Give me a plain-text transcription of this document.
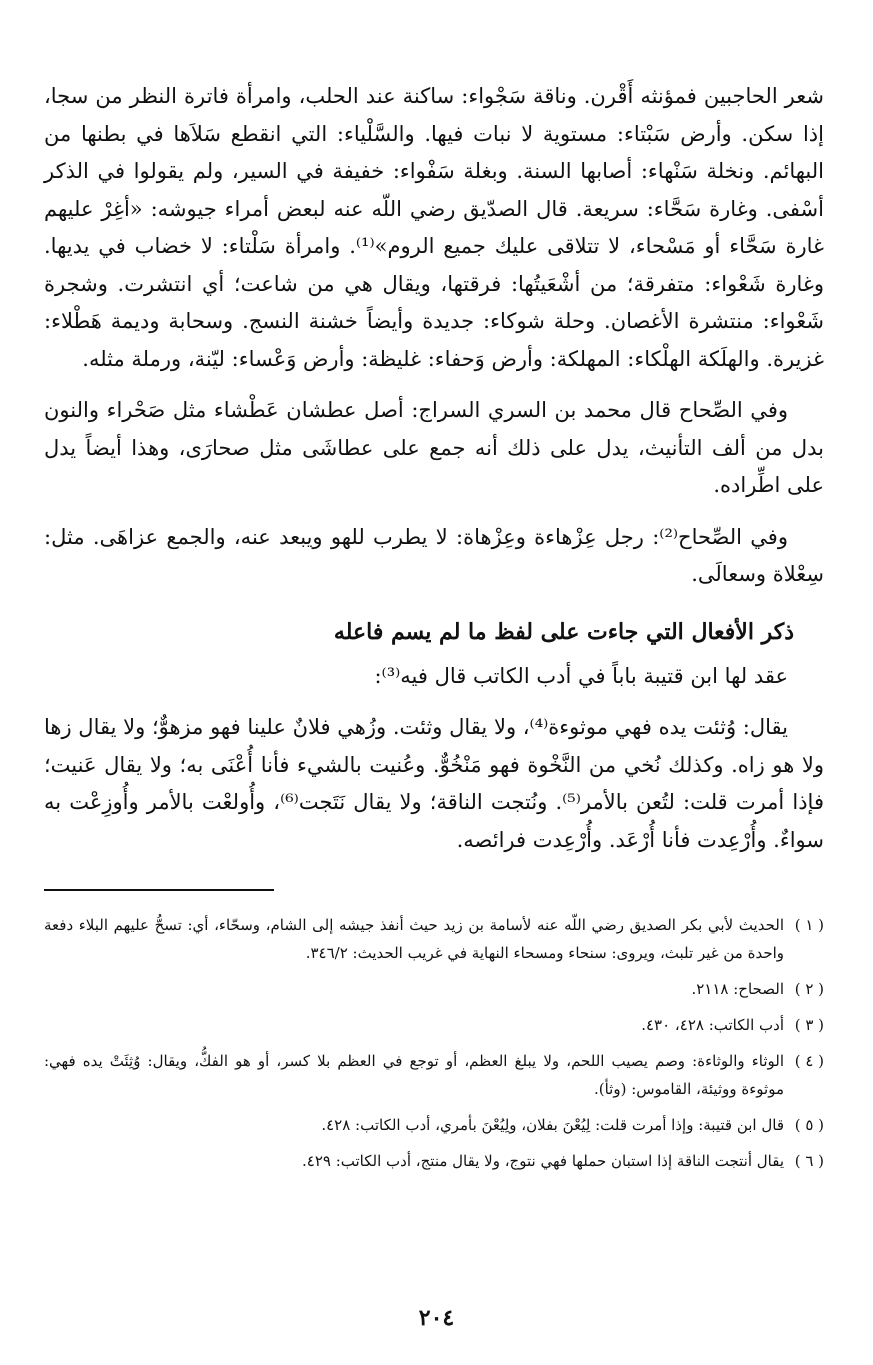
شعر الحاجبين فمؤنثه أَقْرن. وناقة سَجْواء: ساكنة عند الحلب، وامرأة فاترة النظر من سجا، إذا سكن. وأرض سَبْتاء: مستوية لا نبات فيها. والسَّلْياء: التي انقطع سَلاَها في بطنها من البهائم. ونخلة سَنْهاء: أصابها السنة. وبغلة سَفْواء: خفيفة في السير، ولم يقولوا في الذكر أسْفى. وغارة سَحَّاء: سريعة. قال الصدّيق رضي اللّه عنه لبعض أمراء جيوشه: «أغِرْ عليهم غارة سَحَّاء أو مَسْحاء، لا تتلاقى عليك جميع الروم»⁽¹⁾. وامرأة سَلْتاء: لا خضاب في يديها. وغارة شَعْواء: متفرقة؛ من أشْعَيتُها: فرقتها، ويقال هي من شاعت؛ أي انتشرت. وشجرة شَعْواء: منتشرة الأغصان. وحلة شوكاء: جديدة وأيضاً خشنة النسج. وسحابة وديمة هَطْلاء: غزيرة. والهلَكة الهلْكاء: المهلكة: وأرض وَحفاء: غليظة: وأرض وَعْساء: ليّنة، ورملة مثله.

وفي الصِّحاح قال محمد بن السري السراج: أصل عطشان عَطْشاء مثل صَحْراء والنون بدل من ألف التأنيث، يدل على ذلك أنه جمع على عطاشَى مثل صحارَى، وهذا أيضاً يدل على اطِّراده.

وفي الصِّحاح⁽²⁾: رجل عِزْهاءة وعِزْهاة: لا يطرب للهو ويبعد عنه، والجمع عزاهَى. مثل: سِعْلاة وسعالَى.

ذكر الأفعال التي جاءت على لفظ ما لم يسم فاعله

عقد لها ابن قتيبة باباً في أدب الكاتب قال فيه⁽³⁾:

يقال: وُثئت يده فهي موثوءة⁽⁴⁾، ولا يقال وثئت. وزُهي فلانٌ علينا فهو مزهوٌّ؛ ولا يقال زها ولا هو زاه. وكذلك نُخي من النَّخْوة فهو مَنْخُوٌّ. وعُنيت بالشيء فأنا أُعْنَى به؛ ولا يقال عَنيت؛ فإذا أمرت قلت: لتُعن بالأمر⁽⁵⁾. ونُتجت الناقة؛ ولا يقال نَتَجت⁽⁶⁾، وأُولعْت بالأمر وأُوزِعْت به سواءٌ. وأُرْعِدت فأنا أُرْعَد. وأُرْعِدت فرائصه.

( ١ )
الحديث لأبي بكر الصديق رضي اللّه عنه لأسامة بن زيد حيث أنفذ جيشه إلى الشام، وسحّاء، أي: تسحُّ عليهم البلاء دفعة واحدة من غير تلبث، ويروى: سنحاء ومسحاء النهاية في غريب الحديث: ٣٤٦/٢.
( ٢ )
الصحاح: ٢١١٨.
( ٣ )
أدب الكاتب: ٤٢٨، ٤٣٠.
( ٤ )
الوثاء والوثاءة: وصم يصيب اللحم، ولا يبلغ العظم، أو توجع في العظم بلا كسر، أو هو الفكُّ، ويقال: وُثِئَتْ يده فهي: موثوءة ووثيئة، القاموس: (وثأ).
( ٥ )
قال ابن قتيبة: وإذا أمرت قلت: لِيُعْنَ بفلان، ولِيُعْنَ بأمري، أدب الكاتب: ٤٢٨.
( ٦ )
يقال أنتجت الناقة إذا استبان حملها فهي نتوج، ولا يقال منتج، أدب الكاتب: ٤٢٩.
٢٠٤
